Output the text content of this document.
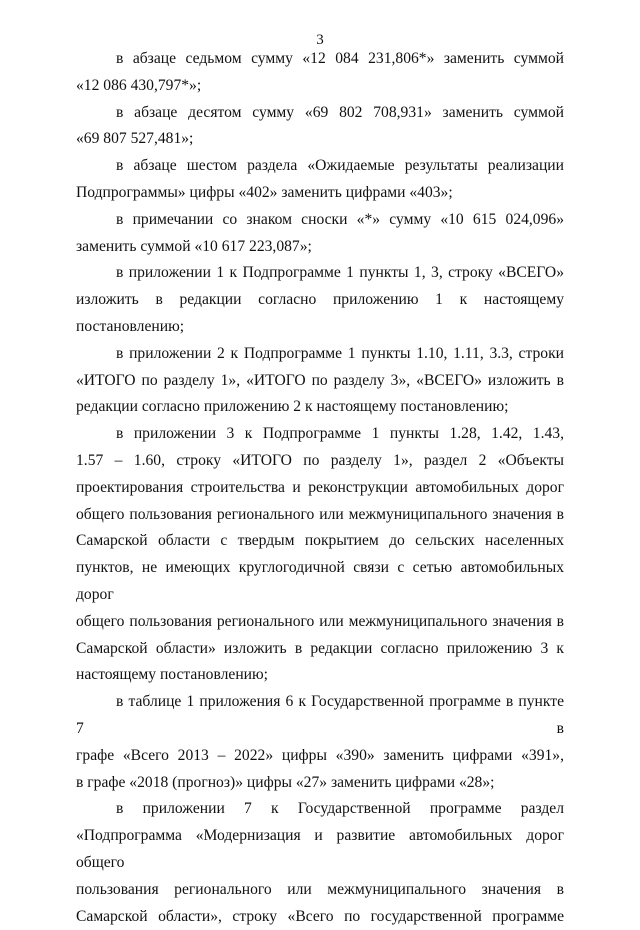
3

в абзаце седьмом сумму «12 084 231,806*» заменить суммой
«12 086 430,797*»;

в абзаце десятом сумму «69 802 708,931» заменить суммой
«69 807 527,481»;

в абзаце шестом раздела «Ожидаемые результаты реализации
Подпрограммы» цифры «402» заменить цифрами «403»;

в примечании со знаком сноски «*» сумму «10 615 024,096»
заменить суммой «10 617 223,087»;

в приложении 1 к Подпрограмме 1 пункты 1, 3, строку «ВСЕГО»
изложить в редакции согласно приложению 1 к настоящему
постановлению;

в приложении 2 к Подпрограмме 1 пункты 1.10, 1.11, 3.3, строки
«ИТОГО по разделу 1», «ИТОГО по разделу 3», «ВСЕГО» изложить в
редакции согласно приложению 2 к настоящему постановлению;

в приложении 3 к Подпрограмме 1 пункты 1.28, 1.42, 1.43,
1.57 – 1.60, строку «ИТОГО по разделу 1», раздел 2 «Объекты
проектирования строительства и реконструкции автомобильных дорог
общего пользования регионального или межмуниципального значения в
Самарской области с твердым покрытием до сельских населенных
пунктов, не имеющих круглогодичной связи с сетью автомобильных дорог
общего пользования регионального или межмуниципального значения в
Самарской области» изложить в редакции согласно приложению 3 к
настоящему постановлению;

в таблице 1 приложения 6 к Государственной программе в пункте 7 в
графе «Всего 2013 – 2022» цифры «390» заменить цифрами «391»,
в графе «2018 (прогноз)» цифры «27» заменить цифрами «28»;

в приложении 7 к Государственной программе раздел
«Подпрограмма «Модернизация и развитие автомобильных дорог общего
пользования регионального или межмуниципального значения в
Самарской области», строку «Всего по государственной программе
